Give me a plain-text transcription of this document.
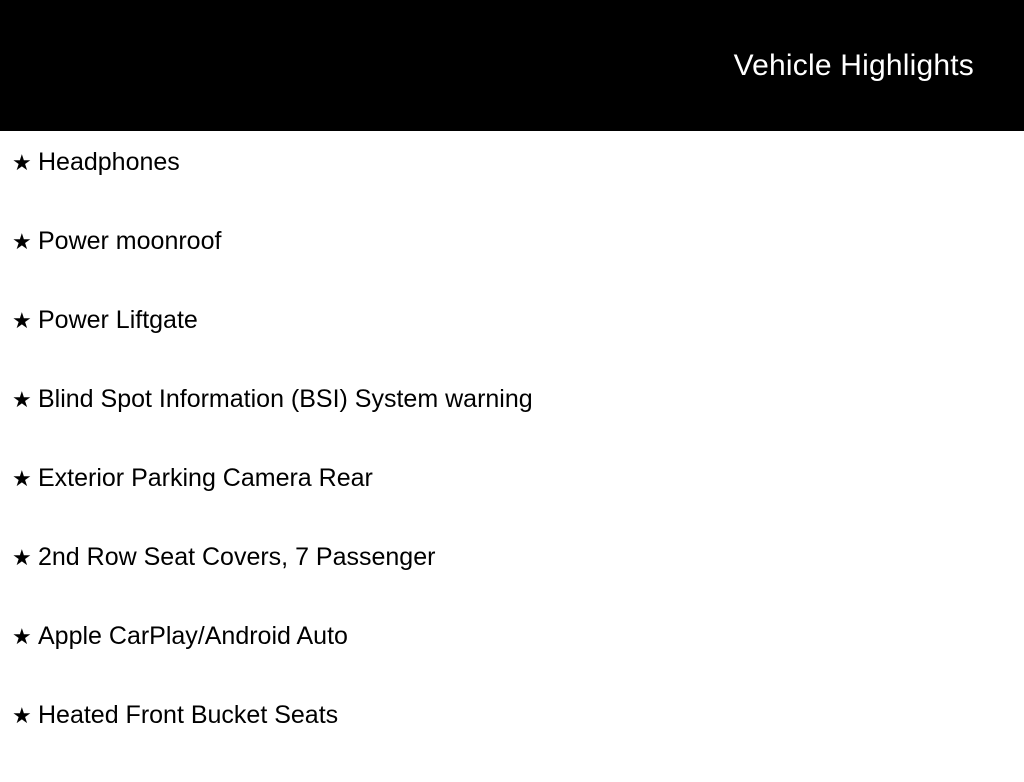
Vehicle Highlights
★ Headphones
★ Power moonroof
★ Power Liftgate
★ Blind Spot Information (BSI) System warning
★ Exterior Parking Camera Rear
★ 2nd Row Seat Covers, 7 Passenger
★ Apple CarPlay/Android Auto
★ Heated Front Bucket Seats
